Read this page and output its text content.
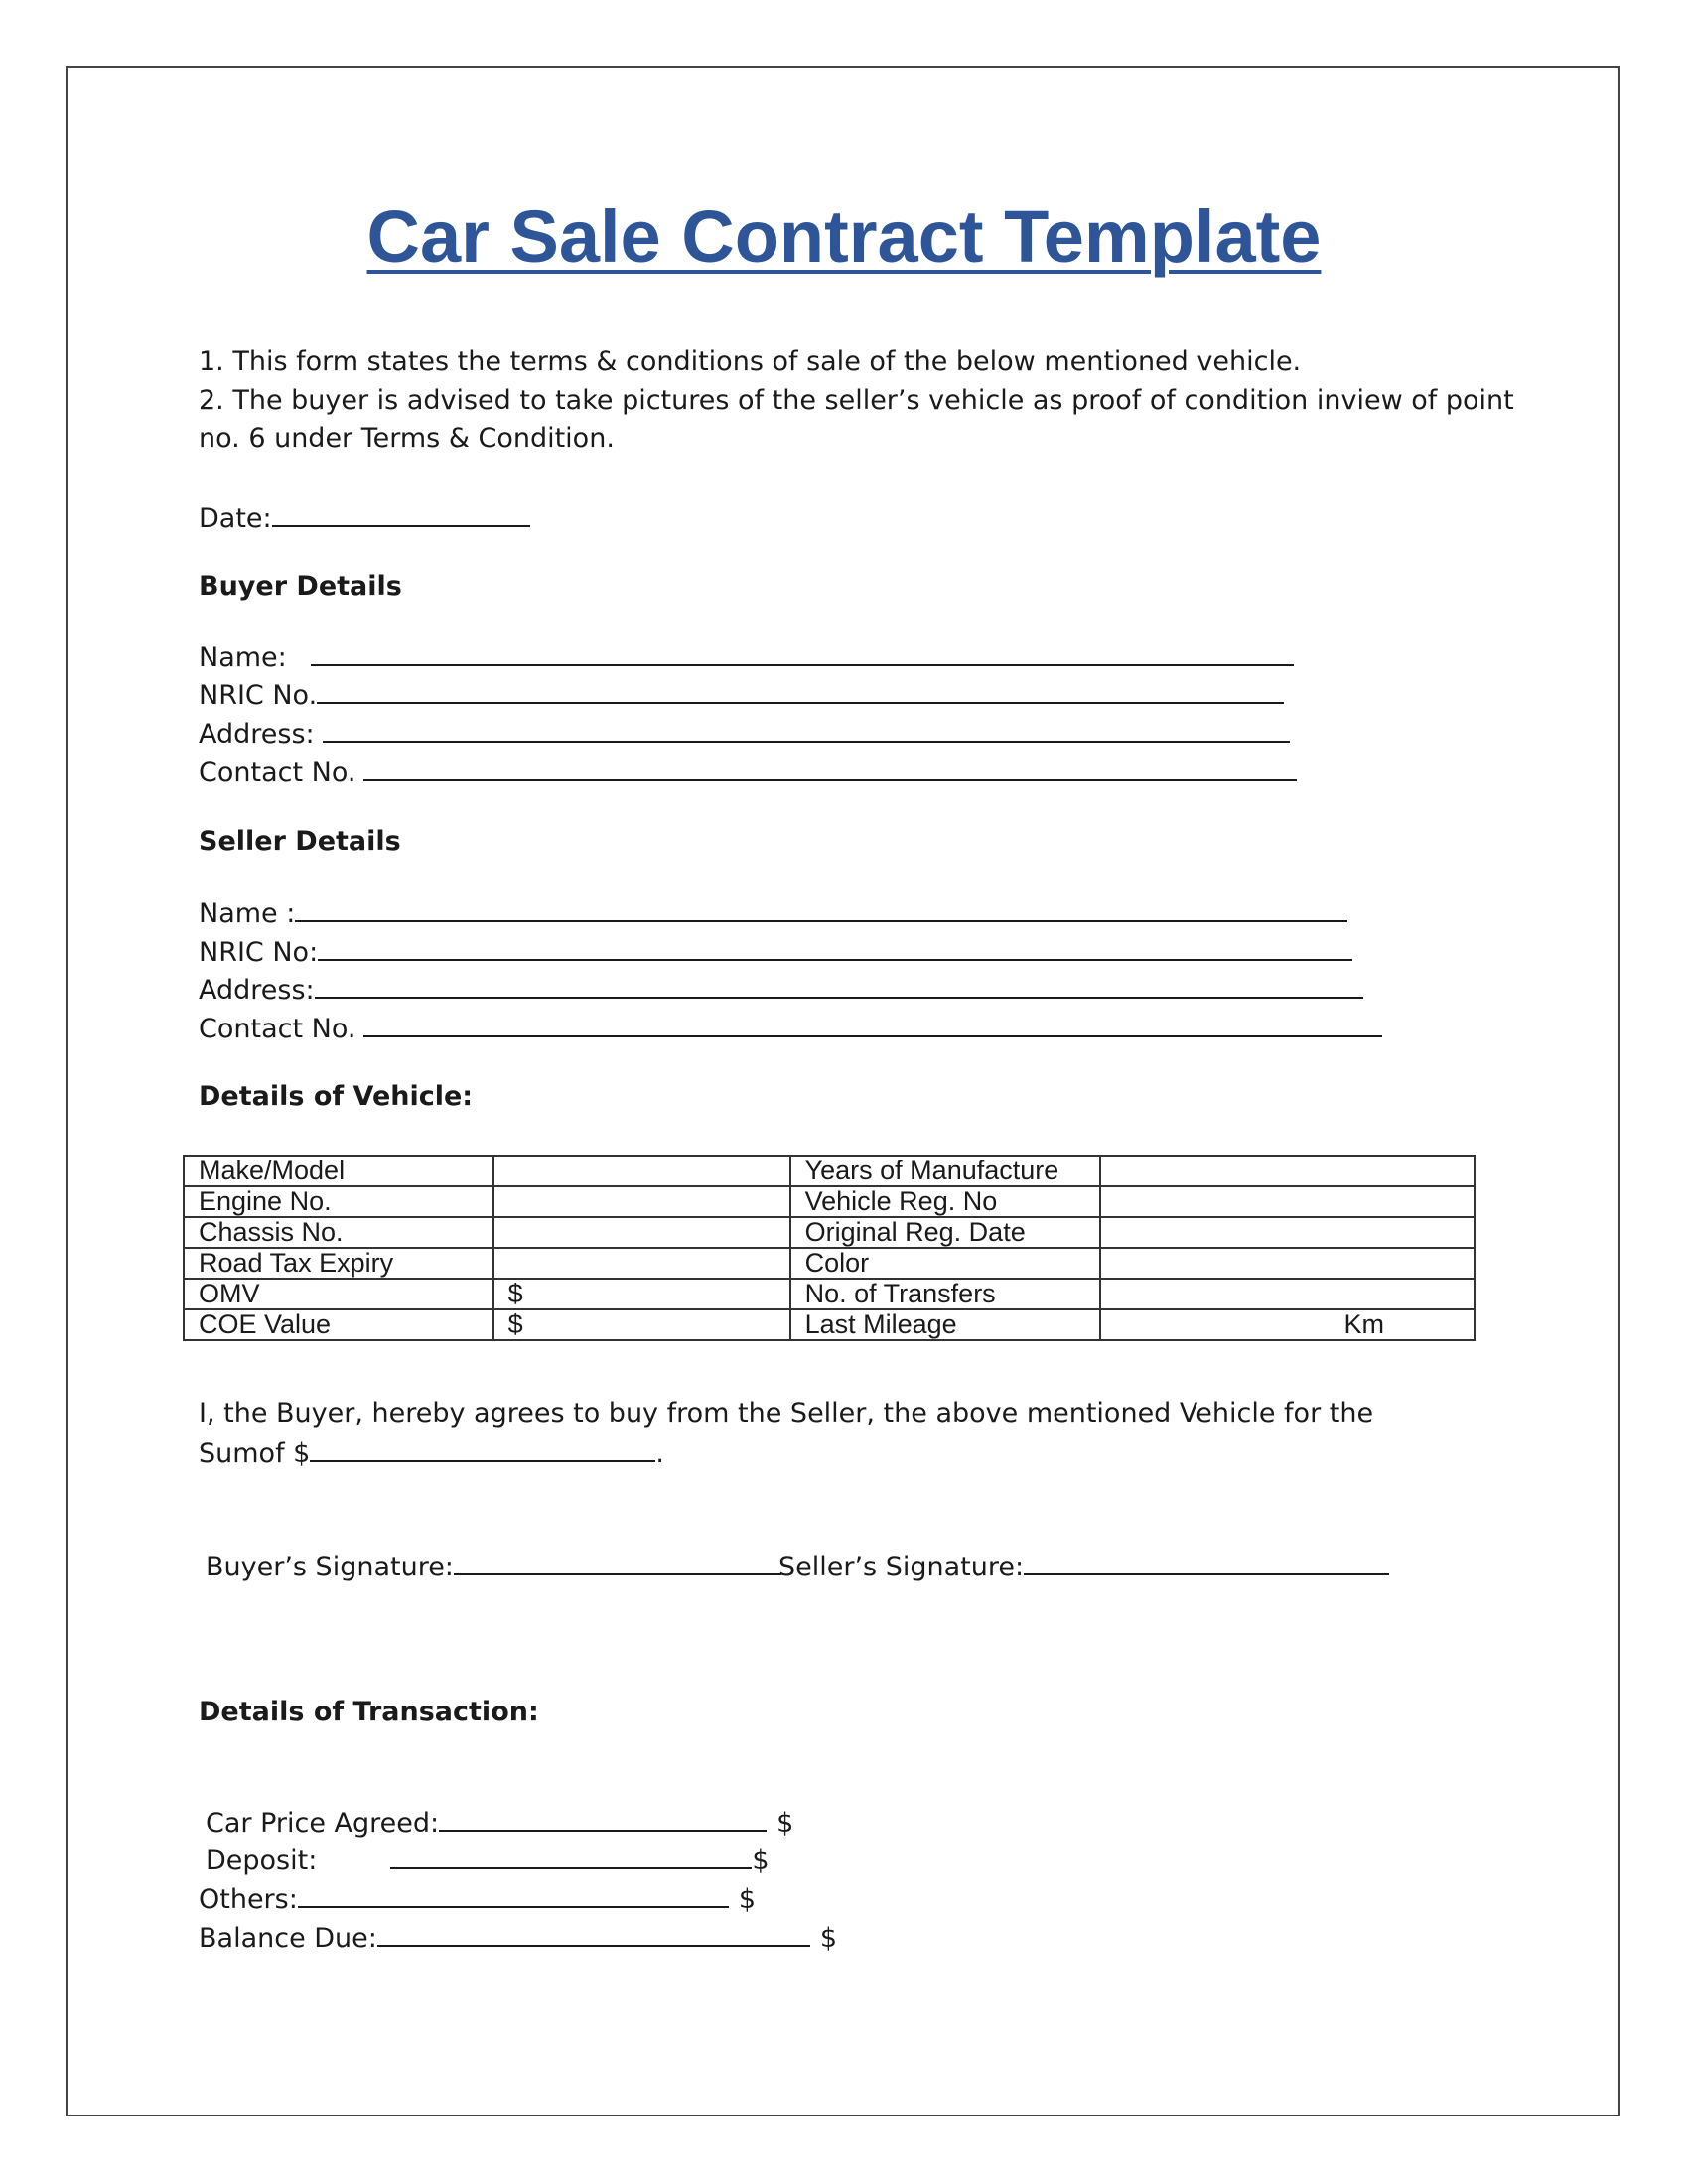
Car Sale Contract Template
1. This form states the terms & conditions of sale of the below mentioned vehicle.
2. The buyer is advised to take pictures of the seller’s vehicle as proof of condition inview of point
no. 6 under Terms & Condition.
Date:
Buyer Details
Name:
NRIC No.
Address:
Contact No.
Seller Details
Name :
NRIC No:
Address:
Contact No.
Details of Vehicle:
Make/Model		Years of Manufacture	
Engine No.		Vehicle Reg. No	
Chassis No.		Original Reg. Date	
Road Tax Expiry		Color	
OMV	$	No. of Transfers	
COE Value	$	Last Mileage	Km
I, the Buyer, hereby agrees to buy from the Seller, the above mentioned Vehicle for the
Sumof $	.
Buyer’s Signature:	Seller’s Signature:
Details of Transaction:
Car Price Agreed:	$
Deposit:	$
Others:	$
Balance Due:	$
